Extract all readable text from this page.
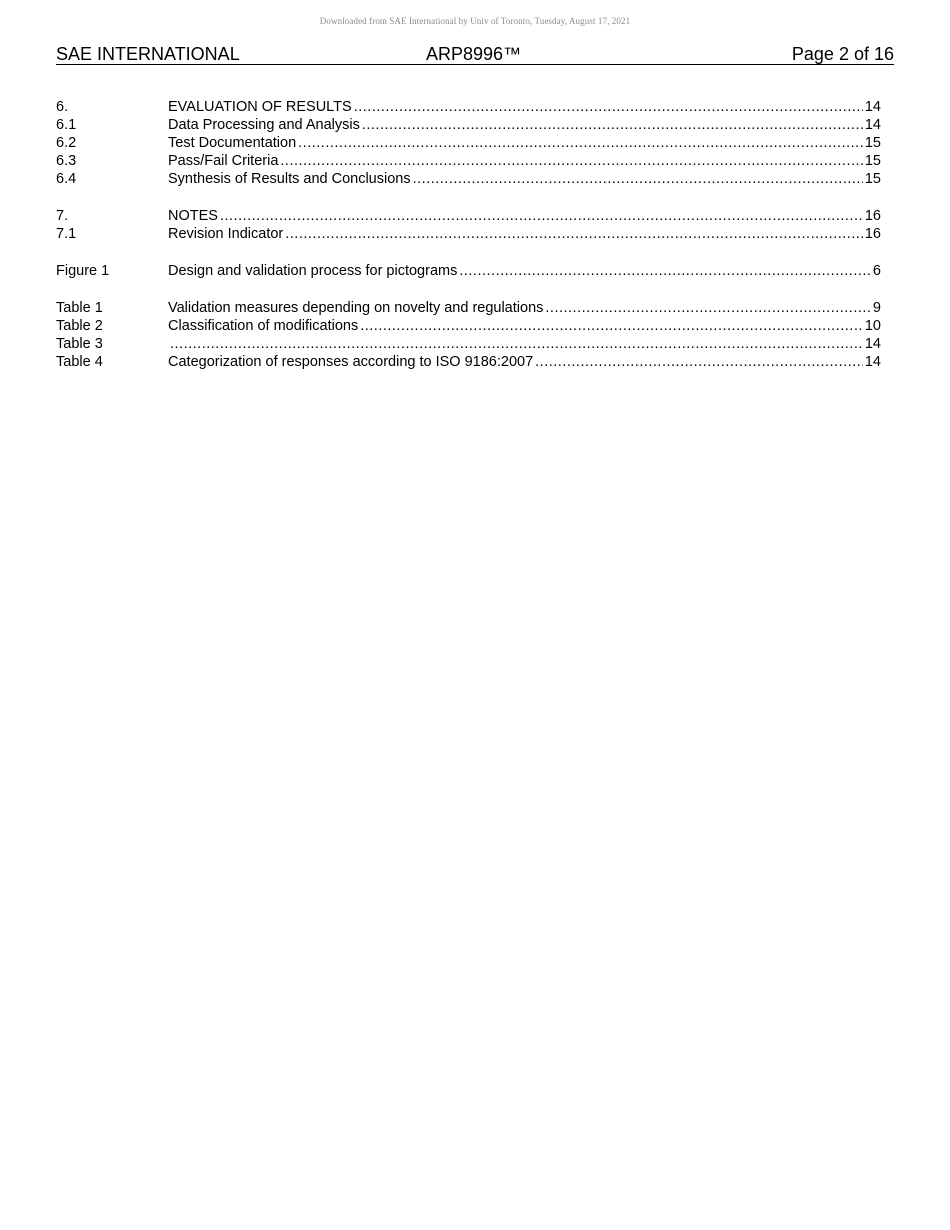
Downloaded from SAE International by Univ of Toronto, Tuesday, August 17, 2021
SAE INTERNATIONAL	ARP8996™	Page 2 of 16
6.	EVALUATION OF RESULTS .....	14
6.1	Data Processing and Analysis .....	14
6.2	Test Documentation .....	15
6.3	Pass/Fail Criteria .....	15
6.4	Synthesis of Results and Conclusions .....	15
7.	NOTES .....	16
7.1	Revision Indicator .....	16
Figure 1	Design and validation process for pictograms .....	6
Table 1	Validation measures depending on novelty and regulations .....	9
Table 2	Classification of modifications .....	10
Table 3 .....	14
Table 4	Categorization of responses according to ISO 9186:2007 .....	14
